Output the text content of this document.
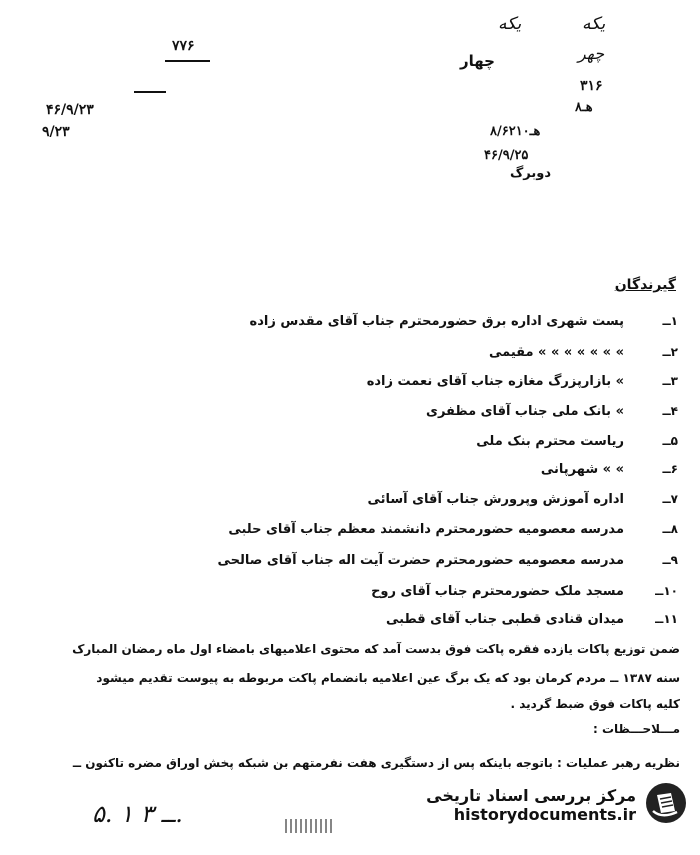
۷۷۶
۴۶/۹/۲۳
۹/۲۳
یکه
یکه
چهر
چهار
۳۱۶
۸هـ
۸/۶۲۱۰هـ
۴۶/۹/۲۵
دوبرگ
گیرندگان
۱ــ
پست شهری اداره برق حضورمحترم جناب آقای مقدس زاده
۲ــ
» » » » » » » مقیمی
۳ــ
» بازارپزرگ مغازه جناب آقای نعمت زاده
۴ــ
» بانک ملی جناب آقای مظفری
۵ــ
ریاست محترم بنک ملی
۶ــ
» » شهرپانی
۷ــ
اداره آموزش وپرورش جناب آقای آسائی
۸ــ
مدرسه معصومیه حضورمحترم دانشمند معظم جناب آقای حلبی
۹ــ
مدرسه معصومیه حضورمحترم حضرت آیت اله جناب آقای صالحی
۱۰ــ
مسجد ملک حضورمحترم جناب آقای روح
۱۱ــ
میدان قنادی قطبی جناب آقای قطبی
ضمن توزیع پاکات یازده فقره پاکت فوق بدست آمد که محتوی اعلامیهای بامضاء اول ماه رمضان المبارک
سنه ۱۳۸۷ ــ مردم کرمان بود که یک برگ عین اعلامیه بانضمام پاکت مربوطه به پیوست تقدیم میشود
کلیه پاکات فوق ضبط گردید .
مـــلاحـــظات :
نظریه رهبر عملیات : باتوجه باینکه پس از دستگیری هفت نفرمتهم بن شبکه پخش اوراق مضره تاکنون ــ
۵. ۱ ــ ۳.
مرکز بررسی اسناد تاریخی
historydocuments.ir
